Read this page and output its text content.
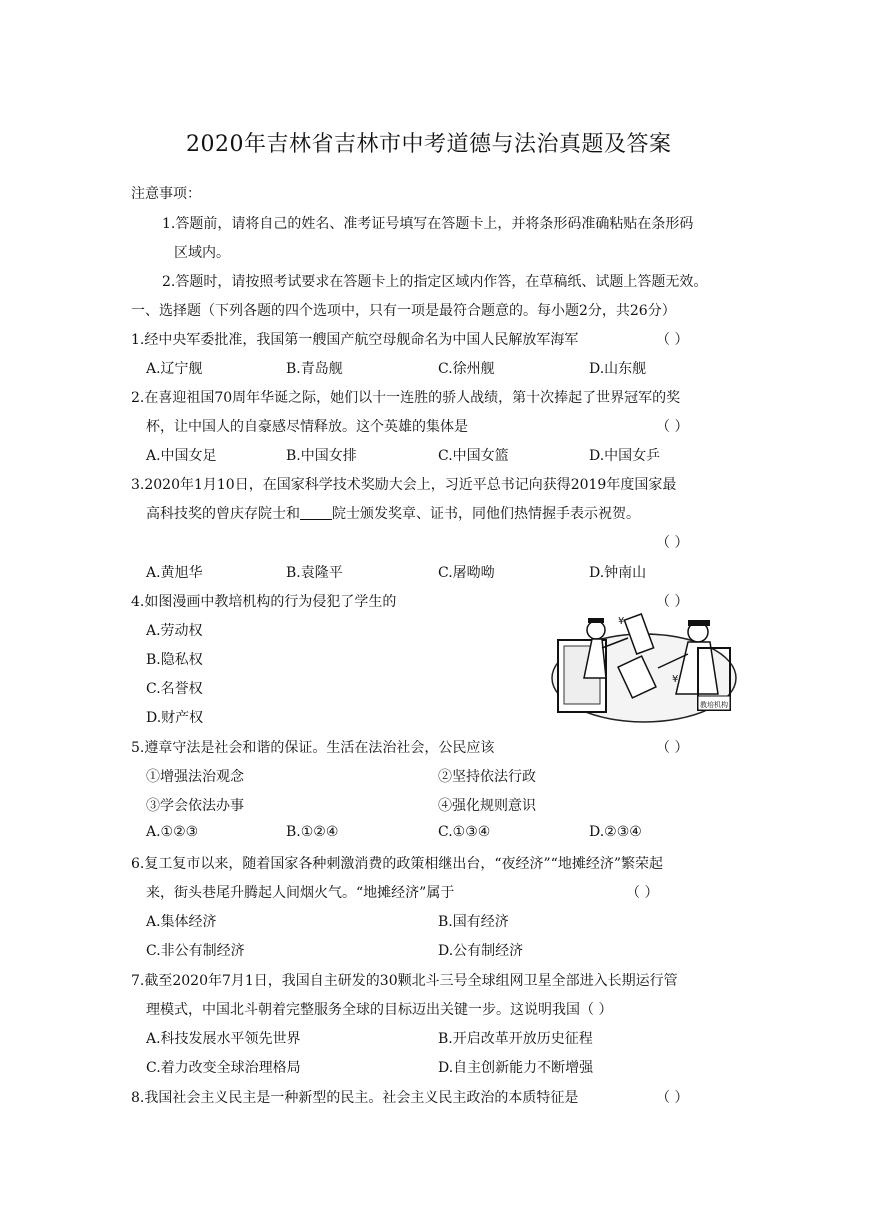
2020年吉林省吉林市中考道德与法治真题及答案
注意事项：
1.答题前，请将自己的姓名、准考证号填写在答题卡上，并将条形码准确粘贴在条形码
区域内。
2.答题时，请按照考试要求在答题卡上的指定区域内作答，在草稿纸、试题上答题无效。
一、选择题（下列各题的四个选项中，只有一项是最符合题意的。每小题2分，共26分）
1.经中央军委批准，我国第一艘国产航空母舰命名为中国人民解放军海军	（ ）
A.辽宁舰	B.青岛舰	C.徐州舰	D.山东舰
2.在喜迎祖国70周年华诞之际，她们以十一连胜的骄人战绩，第十次捧起了世界冠军的奖
杯，让中国人的自豪感尽情释放。这个英雄的集体是	（ ）
A.中国女足	B.中国女排	C.中国女篮	D.中国女乒
3.2020年1月10日，在国家科学技术奖励大会上，习近平总书记向获得2019年度国家最
高科技奖的曾庆存院士和 院士颁发奖章、证书，同他们热情握手表示祝贺。
（ ）
A.黄旭华	B.袁隆平	C.屠呦呦	D.钟南山
4.如图漫画中教培机构的行为侵犯了学生的	（ ）
A.劳动权
B.隐私权
C.名誉权
D.财产权
教培机构
¥
¥
5.遵章守法是社会和谐的保证。生活在法治社会，公民应该	（ ）
①增强法治观念	②坚持依法行政
③学会依法办事	④强化规则意识
A.①②③	B.①②④	C.①③④	D.②③④
6.复工复市以来，随着国家各种刺激消费的政策相继出台，“夜经济”“地摊经济”繁荣起
来，街头巷尾升腾起人间烟火气。“地摊经济”属于	（ ）
A.集体经济	B.国有经济
C.非公有制经济	D.公有制经济
7.截至2020年7月1日，我国自主研发的30颗北斗三号全球组网卫星全部进入长期运行管
理模式，中国北斗朝着完整服务全球的目标迈出关键一步。这说明我国（ ）
A.科技发展水平领先世界	B.开启改革开放历史征程
C.着力改变全球治理格局	D.自主创新能力不断增强
8.我国社会主义民主是一种新型的民主。社会主义民主政治的本质特征是	（ ）
